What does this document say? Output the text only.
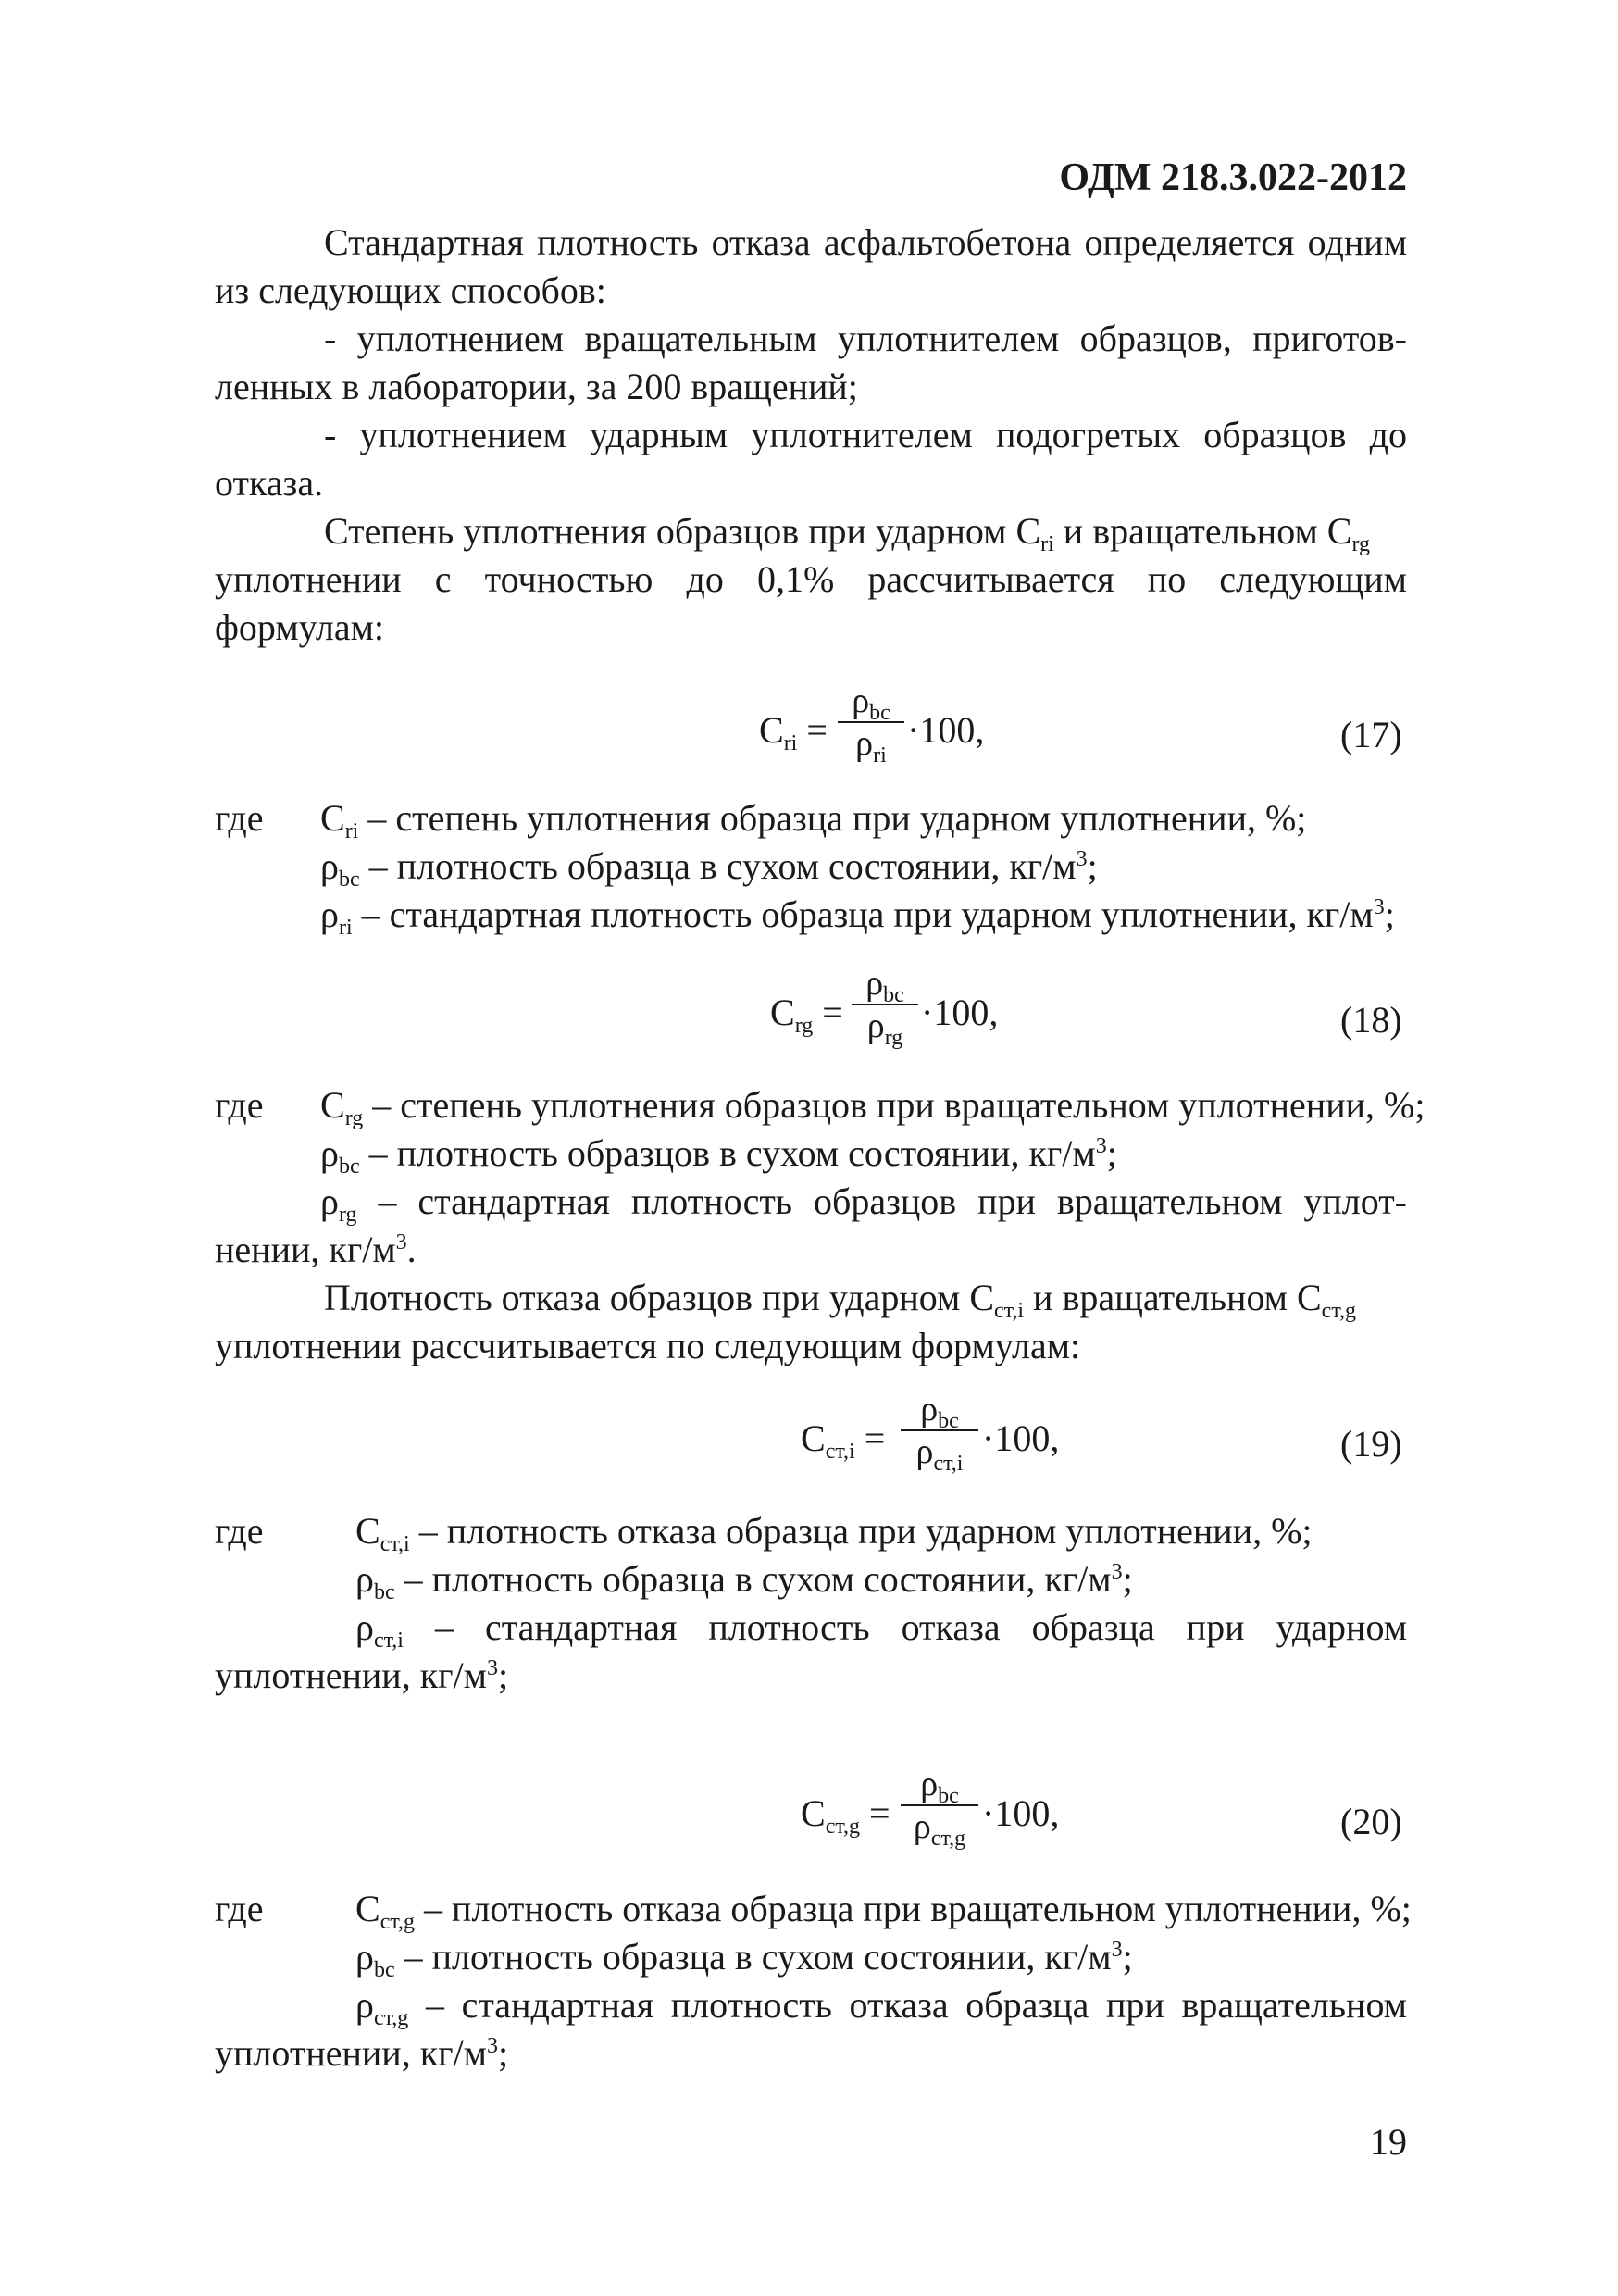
ОДМ 218.3.022-2012
Стандартная плотность отказа асфальтобетона определяется одним
из следующих способов:
- уплотнением вращательным уплотнителем образцов, приготов-
ленных в лаборатории, за 200 вращений;
- уплотнением ударным уплотнителем подогретых образцов до
отказа.
Степень уплотнения образцов при ударном $C_{ri}$ и вращательном $C_{rg}$
уплотнении с точностью до 0,1% рассчитывается по следующим
формулам:
$C_{ri}$ =
$\rho_{bc}$
$\rho_{ri}$
·100,	(17)
где $C_{ri}$ – степень уплотнения образца при ударном уплотнении, %;
$\rho_{bc}$ – плотность образца в сухом состоянии, $кг/м^3$;
$\rho_{ri}$ – стандартная плотность образца при ударном уплотнении, $кг/м^3$;
$C_{rg}$ =
$\rho_{bc}$
$\rho_{rg}$
·100,	(18)
где $C_{rg}$ – степень уплотнения образцов при вращательном уплотнении, %;
$\rho_{bc}$ – плотность образцов в сухом состоянии, $кг/м^3$;
$\rho_{rg}$ – стандартная плотность образцов при вращательном уплот-
нении, $кг/м^3$.
Плотность отказа образцов при ударном $C_{ст,i}$ и вращательном $C_{ст,g}$
уплотнении рассчитывается по следующим формулам:
$C_{ст,i}$ =
$\rho_{bc}$
$\rho_{ст,i}$
·100,	(19)
где $C_{ст,i}$ – плотность отказа образца при ударном уплотнении, %;
$\rho_{bc}$ – плотность образца в сухом состоянии, $кг/м^3$;
$\rho_{ст,i}$ – стандартная плотность отказа образца при ударном
уплотнении, $кг/м^3$;
$C_{ст,g}$ =
$\rho_{bc}$
$\rho_{ст,g}$
·100,	(20)
где $C_{ст,g}$ – плотность отказа образца при вращательном уплотнении, %;
$\rho_{bc}$ – плотность образца в сухом состоянии, $кг/м^3$;
$\rho_{ст,g}$ – стандартная плотность отказа образца при вращательном
уплотнении, $кг/м^3$;
19
